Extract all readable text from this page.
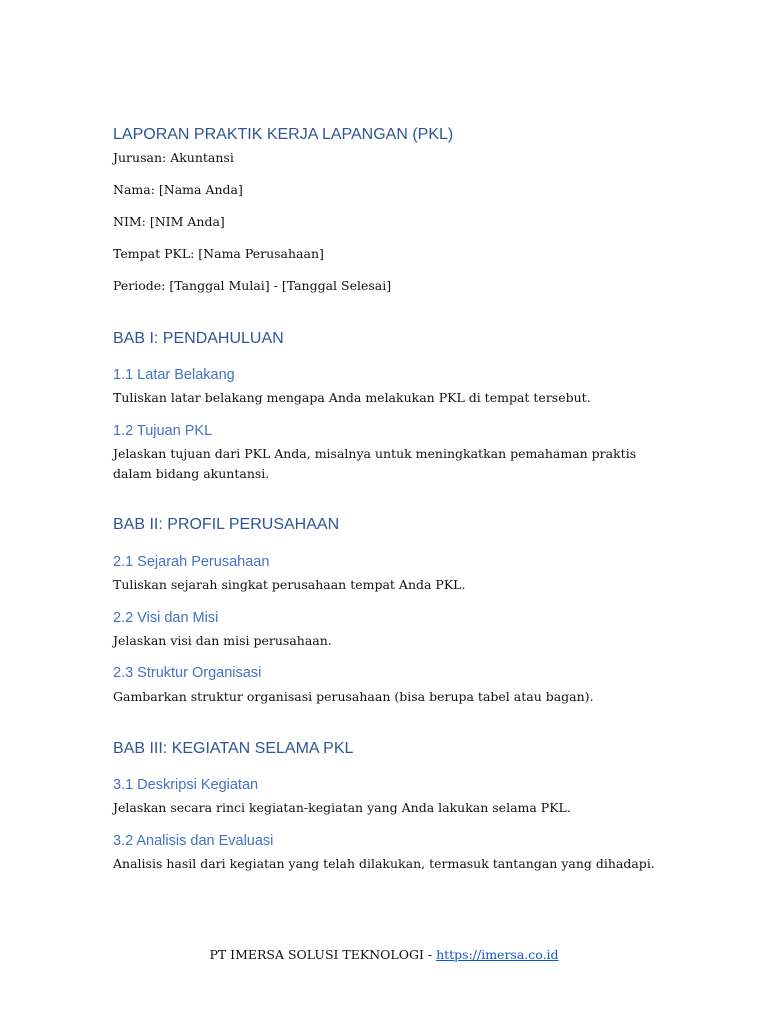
LAPORAN PRAKTIK KERJA LAPANGAN (PKL)

Jurusan: Akuntansi

Nama: [Nama Anda]

NIM: [NIM Anda]

Tempat PKL: [Nama Perusahaan]

Periode: [Tanggal Mulai] - [Tanggal Selesai]

BAB I: PENDAHULUAN
1.1 Latar Belakang

Tuliskan latar belakang mengapa Anda melakukan PKL di tempat tersebut.

1.2 Tujuan PKL

Jelaskan tujuan dari PKL Anda, misalnya untuk meningkatkan pemahaman praktis dalam bidang akuntansi.

BAB II: PROFIL PERUSAHAAN
2.1 Sejarah Perusahaan

Tuliskan sejarah singkat perusahaan tempat Anda PKL.

2.2 Visi dan Misi

Jelaskan visi dan misi perusahaan.

2.3 Struktur Organisasi

Gambarkan struktur organisasi perusahaan (bisa berupa tabel atau bagan).

BAB III: KEGIATAN SELAMA PKL
3.1 Deskripsi Kegiatan

Jelaskan secara rinci kegiatan-kegiatan yang Anda lakukan selama PKL.

3.2 Analisis dan Evaluasi

Analisis hasil dari kegiatan yang telah dilakukan, termasuk tantangan yang dihadapi.

PT IMERSA SOLUSI TEKNOLOGI - https://imersa.co.id
